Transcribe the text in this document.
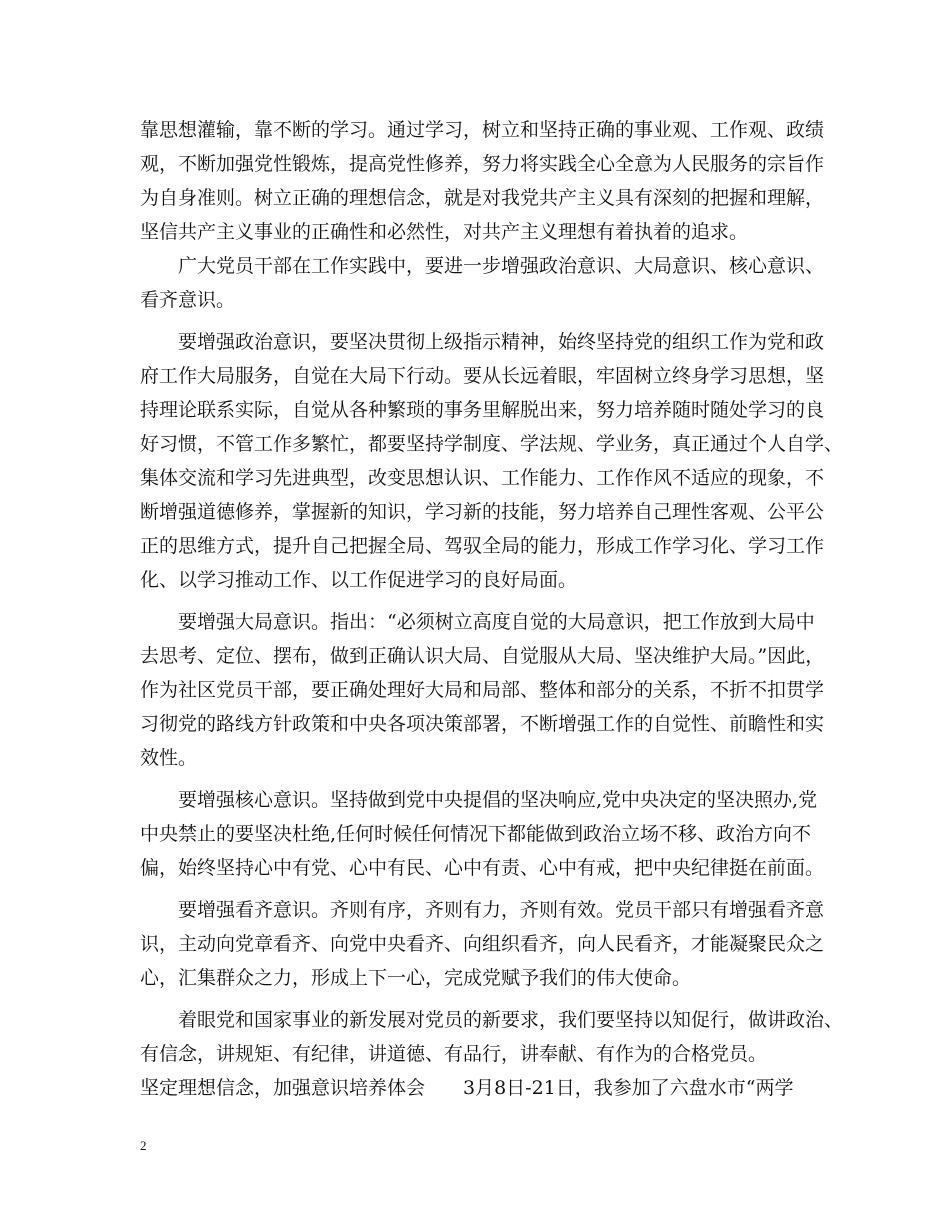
靠思想灌输，靠不断的学习。通过学习，树立和坚持正确的事业观、工作观、政绩
观，不断加强党性锻炼，提高党性修养，努力将实践全心全意为人民服务的宗旨作
为自身准则。树立正确的理想信念，就是对我党共产主义具有深刻的把握和理解，
坚信共产主义事业的正确性和必然性，对共产主义理想有着执着的追求。
广大党员干部在工作实践中，要进一步增强政治意识、大局意识、核心意识、
看齐意识。
要增强政治意识，要坚决贯彻上级指示精神，始终坚持党的组织工作为党和政
府工作大局服务，自觉在大局下行动。要从长远着眼，牢固树立终身学习思想，坚
持理论联系实际，自觉从各种繁琐的事务里解脱出来，努力培养随时随处学习的良
好习惯，不管工作多繁忙，都要坚持学制度、学法规、学业务，真正通过个人自学、
集体交流和学习先进典型，改变思想认识、工作能力、工作作风不适应的现象，不
断增强道德修养，掌握新的知识，学习新的技能，努力培养自己理性客观、公平公
正的思维方式，提升自己把握全局、驾驭全局的能力，形成工作学习化、学习工作
化、以学习推动工作、以工作促进学习的良好局面。
要增强大局意识。指出：“必须树立高度自觉的大局意识，把工作放到大局中
去思考、定位、摆布，做到正确认识大局、自觉服从大局、坚决维护大局。”因此，
作为社区党员干部，要正确处理好大局和局部、整体和部分的关系，不折不扣贯学
习彻党的路线方针政策和中央各项决策部署，不断增强工作的自觉性、前瞻性和实
效性。
要增强核心意识。坚持做到党中央提倡的坚决响应,党中央决定的坚决照办,党
中央禁止的要坚决杜绝,任何时候任何情况下都能做到政治立场不移、政治方向不
偏，始终坚持心中有党、心中有民、心中有责、心中有戒，把中央纪律挺在前面。
要增强看齐意识。齐则有序，齐则有力，齐则有效。党员干部只有增强看齐意
识，主动向党章看齐、向党中央看齐、向组织看齐，向人民看齐，才能凝聚民众之
心，汇集群众之力，形成上下一心，完成党赋予我们的伟大使命。
着眼党和国家事业的新发展对党员的新要求，我们要坚持以知促行，做讲政治、
有信念，讲规矩、有纪律，讲道德、有品行，讲奉献、有作为的合格党员。
坚定理想信念，加强意识培养体会　　3月8日-21日，我参加了六盘水市“两学
2
